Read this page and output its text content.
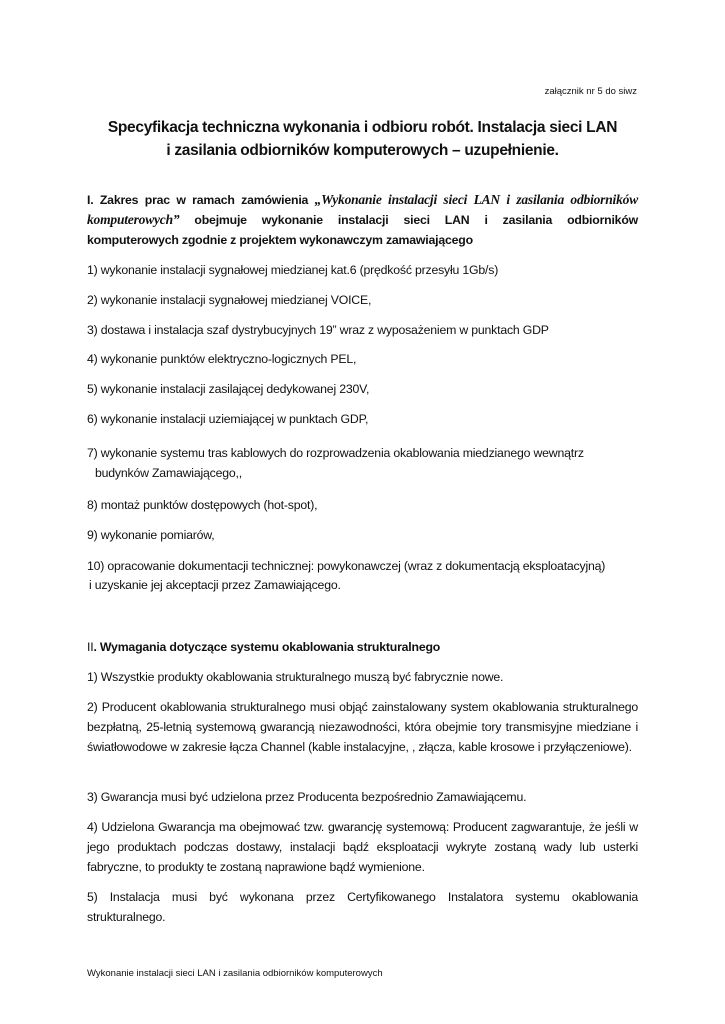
załącznik nr 5 do siwz
Specyfikacja techniczna wykonania i odbioru robót. Instalacja sieci LAN
i zasilania odbiorników komputerowych – uzupełnienie.
I. Zakres prac w ramach zamówienia „Wykonanie instalacji sieci LAN i zasilania odbiorników komputerowych” obejmuje wykonanie instalacji sieci LAN i zasilania odbiorników komputerowych zgodnie z projektem wykonawczym zamawiającego
1) wykonanie instalacji sygnałowej miedzianej kat.6 (prędkość przesyłu 1Gb/s)
2) wykonanie instalacji sygnałowej miedzianej VOICE,
3) dostawa i instalacja szaf dystrybucyjnych 19” wraz z wyposażeniem w punktach GDP
4) wykonanie punktów elektryczno-logicznych PEL,
5) wykonanie instalacji zasilającej dedykowanej 230V,
6) wykonanie instalacji uziemiającej w punktach GDP,
7) wykonanie systemu tras kablowych do rozprowadzenia okablowania miedzianego wewnątrz
budynków Zamawiającego,,
8) montaż punktów dostępowych (hot-spot),
9) wykonanie pomiarów,
10) opracowanie dokumentacji technicznej: powykonawczej (wraz z dokumentacją eksploatacyjną)
i uzyskanie jej akceptacji przez Zamawiającego.
II. Wymagania dotyczące systemu okablowania strukturalnego
1) Wszystkie produkty okablowania strukturalnego muszą być fabrycznie nowe.
2) Producent okablowania strukturalnego musi objąć zainstalowany system okablowania strukturalnego bezpłatną, 25-letnią systemową gwarancją niezawodności, która obejmie tory transmisyjne miedziane i światłowodowe w zakresie łącza Channel (kable instalacyjne, , złącza, kable krosowe i przyłączeniowe).
3) Gwarancja musi być udzielona przez Producenta bezpośrednio Zamawiającemu.
4) Udzielona Gwarancja ma obejmować tzw. gwarancję systemową: Producent zagwarantuje, że jeśli w jego produktach podczas dostawy, instalacji bądź eksploatacji wykryte zostaną wady lub usterki fabryczne, to produkty te zostaną naprawione bądź wymienione.
5) Instalacja musi być wykonana przez Certyfikowanego Instalatora systemu okablowania strukturalnego.
Wykonanie instalacji sieci LAN i zasilania odbiorników komputerowych
